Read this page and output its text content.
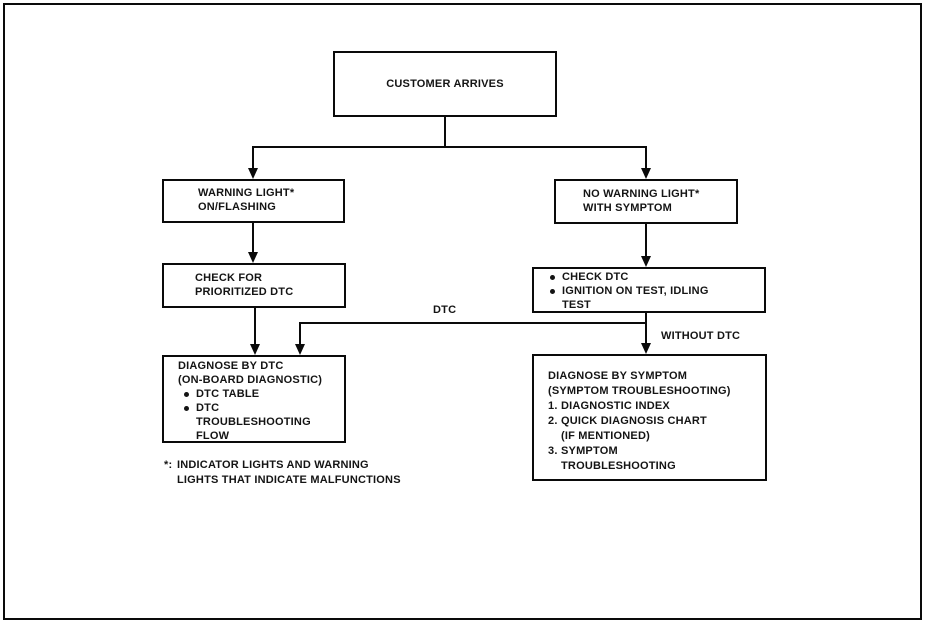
CUSTOMER ARRIVES
WARNING LIGHT*
ON/FLASHING
NO WARNING LIGHT*
WITH SYMPTOM
CHECK FOR
PRIORITIZED DTC
CHECK DTC
IGNITION ON TEST, IDLING
TEST
DIAGNOSE BY DTC
(ON-BOARD DIAGNOSTIC)
DTC TABLE
DTC
TROUBLESHOOTING
FLOW
DIAGNOSE BY SYMPTOM
(SYMPTOM TROUBLESHOOTING)
1. DIAGNOSTIC INDEX
2. QUICK DIAGNOSIS CHART
(IF MENTIONED)
3. SYMPTOM
TROUBLESHOOTING
DTC
WITHOUT DTC
*: INDICATOR LIGHTS AND WARNING
LIGHTS THAT INDICATE MALFUNCTIONS
